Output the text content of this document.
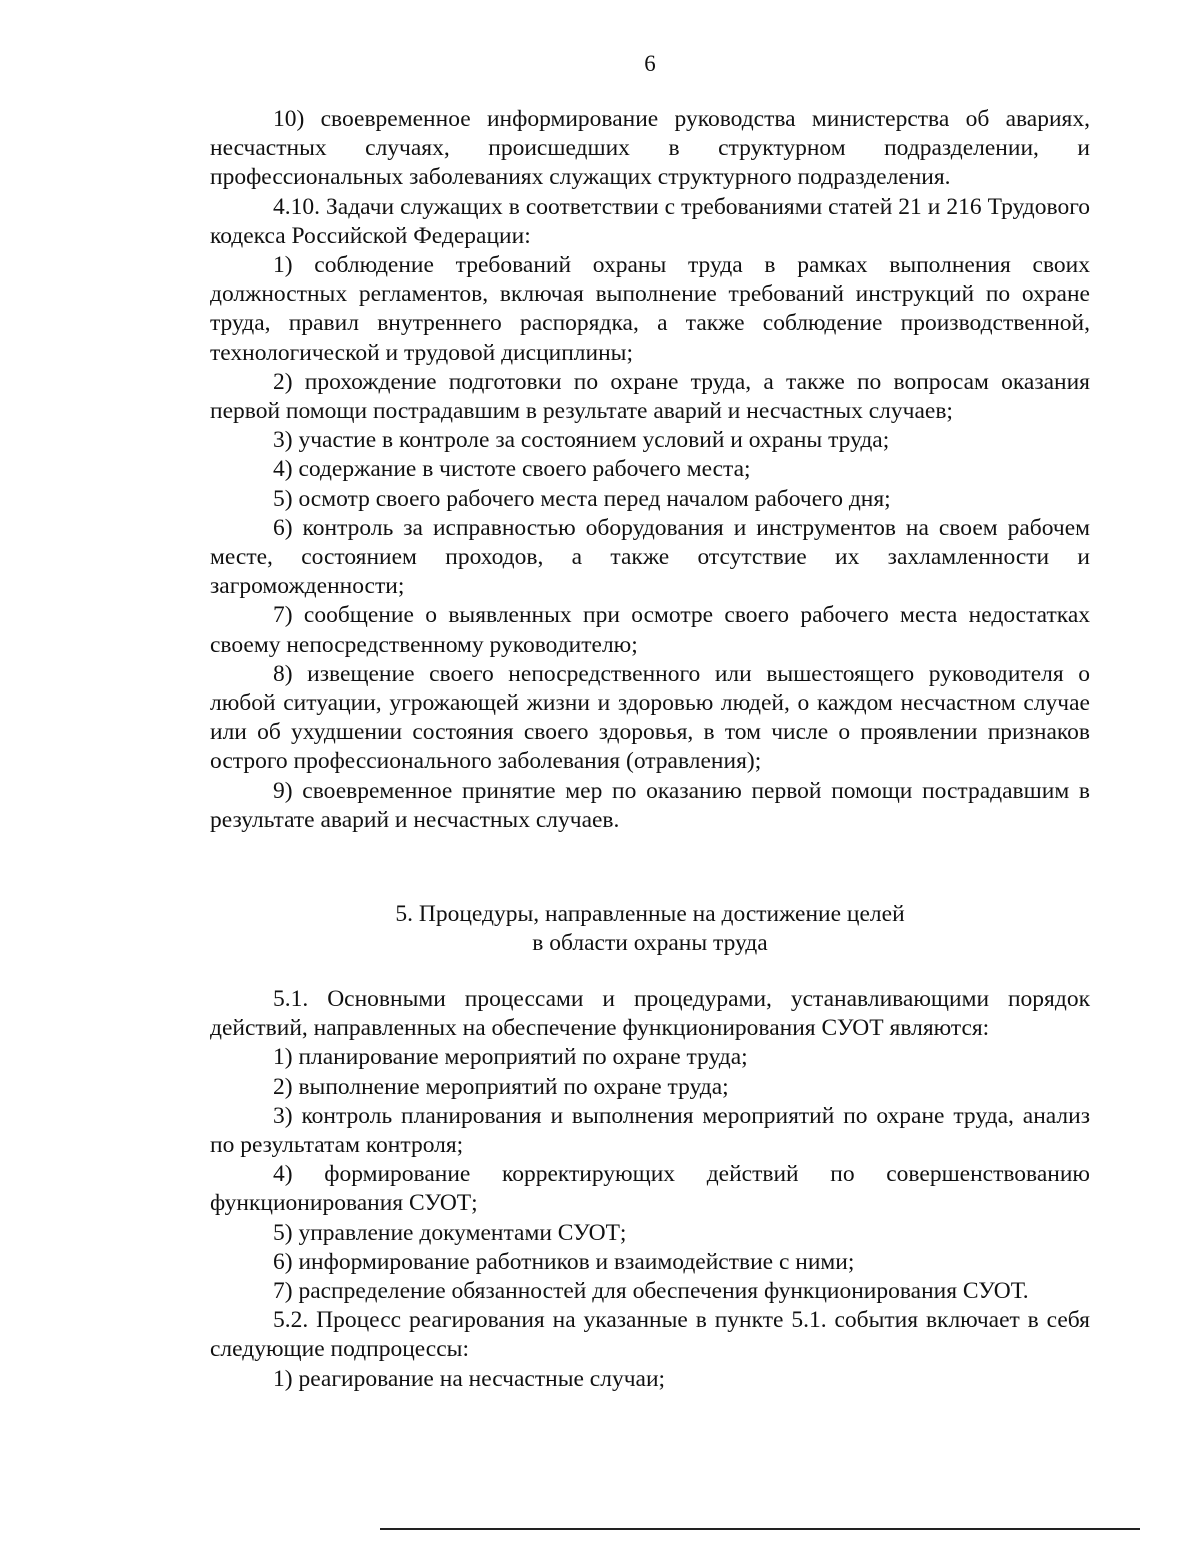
6

10) своевременное информирование руководства министерства об авариях, несчастных случаях, происшедших в структурном подразделении, и профессиональных заболеваниях служащих структурного подразделения.

4.10. Задачи служащих в соответствии с требованиями статей 21 и 216 Трудового кодекса Российской Федерации:

1) соблюдение требований охраны труда в рамках выполнения своих должностных регламентов, включая выполнение требований инструкций по охране труда, правил внутреннего распорядка, а также соблюдение производственной, технологической и трудовой дисциплины;

2) прохождение подготовки по охране труда, а также по вопросам оказания первой помощи пострадавшим в результате аварий и несчастных случаев;

3) участие в контроле за состоянием условий и охраны труда;

4) содержание в чистоте своего рабочего места;

5) осмотр своего рабочего места перед началом рабочего дня;

6) контроль за исправностью оборудования и инструментов на своем рабочем месте, состоянием проходов, а также отсутствие их захламленности и загроможденности;

7) сообщение о выявленных при осмотре своего рабочего места недостатках своему непосредственному руководителю;

8) извещение своего непосредственного или вышестоящего руководителя о любой ситуации, угрожающей жизни и здоровью людей, о каждом несчастном случае или об ухудшении состояния своего здоровья, в том числе о проявлении признаков острого профессионального заболевания (отравления);

9) своевременное принятие мер по оказанию первой помощи пострадавшим в результате аварий и несчастных случаев.

5. Процедуры, направленные на достижение целей
в области охраны труда

5.1. Основными процессами и процедурами, устанавливающими порядок действий, направленных на обеспечение функционирования СУОТ являются:

1) планирование мероприятий по охране труда;

2) выполнение мероприятий по охране труда;

3) контроль планирования и выполнения мероприятий по охране труда, анализ по результатам контроля;

4) формирование корректирующих действий по совершенствованию функционирования СУОТ;

5) управление документами СУОТ;

6) информирование работников и взаимодействие с ними;

7) распределение обязанностей для обеспечения функционирования СУОТ.

5.2. Процесс реагирования на указанные в пункте 5.1. события включает в себя следующие подпроцессы:

1) реагирование на несчастные случаи;
